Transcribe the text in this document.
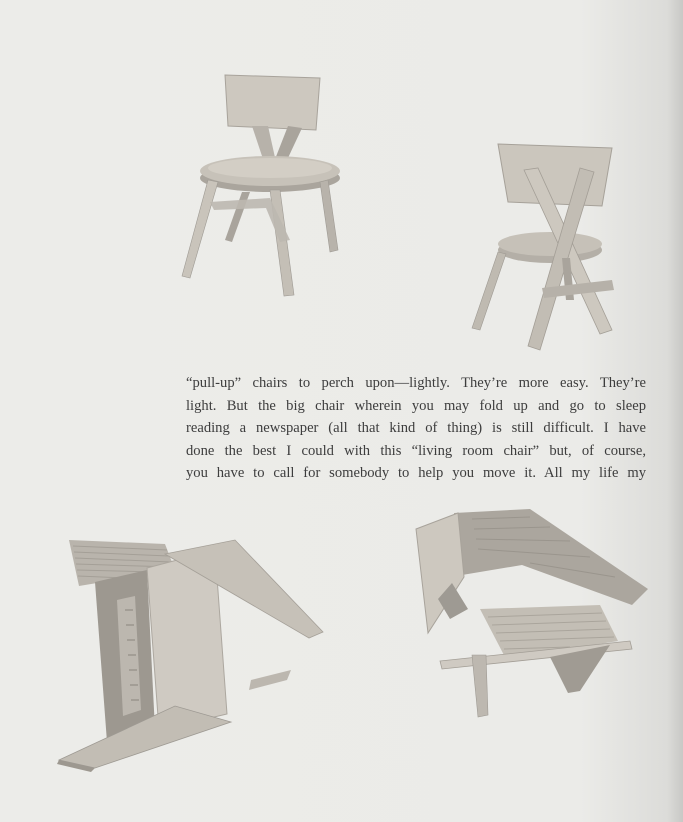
“pull-up” chairs to perch upon—lightly. They’re more easy. They’re
light. But the big chair wherein you may fold up and go to sleep
reading a newspaper (all that kind of thing) is still difficult. I have
done the best I could with this “living room chair” but, of course,
you have to call for somebody to help you move it. All my life my
